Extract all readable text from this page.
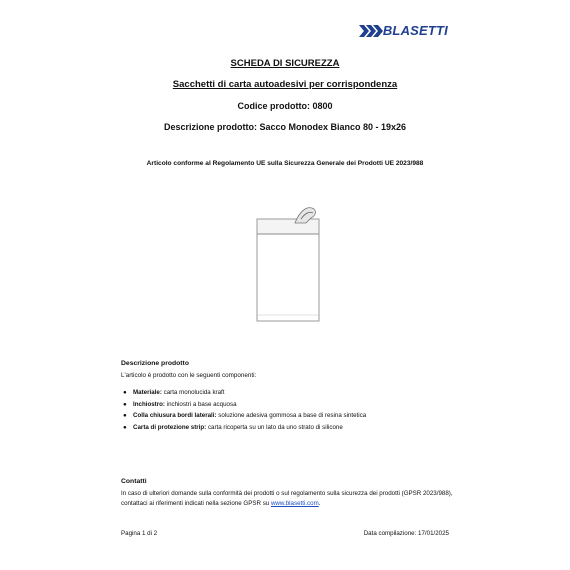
BLASETTI
SCHEDA DI SICUREZZA
Sacchetti di carta autoadesivi per corrispondenza
Codice prodotto: 0800
Descrizione prodotto: Sacco Monodex Bianco 80 - 19x26
Articolo conforme al Regolamento UE sulla Sicurezza Generale dei Prodotti UE 2023/988
Descrizione prodotto
L'articolo è prodotto con le seguenti componenti:
● Materiale: carta monolucida kraft
● Inchiostro: inchiostri a base acquosa
● Colla chiusura bordi laterali: soluzione adesiva gommosa a base di resina sintetica
● Carta di protezione strip: carta ricoperta su un lato da uno strato di silicone
Contatti
In caso di ulteriori domande sulla conformità dei prodotti o sul regolamento sulla sicurezza dei prodotti (GPSR 2023/988), contattaci ai riferimenti indicati nella sezione GPSR su www.blasetti.com.
Pagina 1 di 2	Data compilazione: 17/01/2025
